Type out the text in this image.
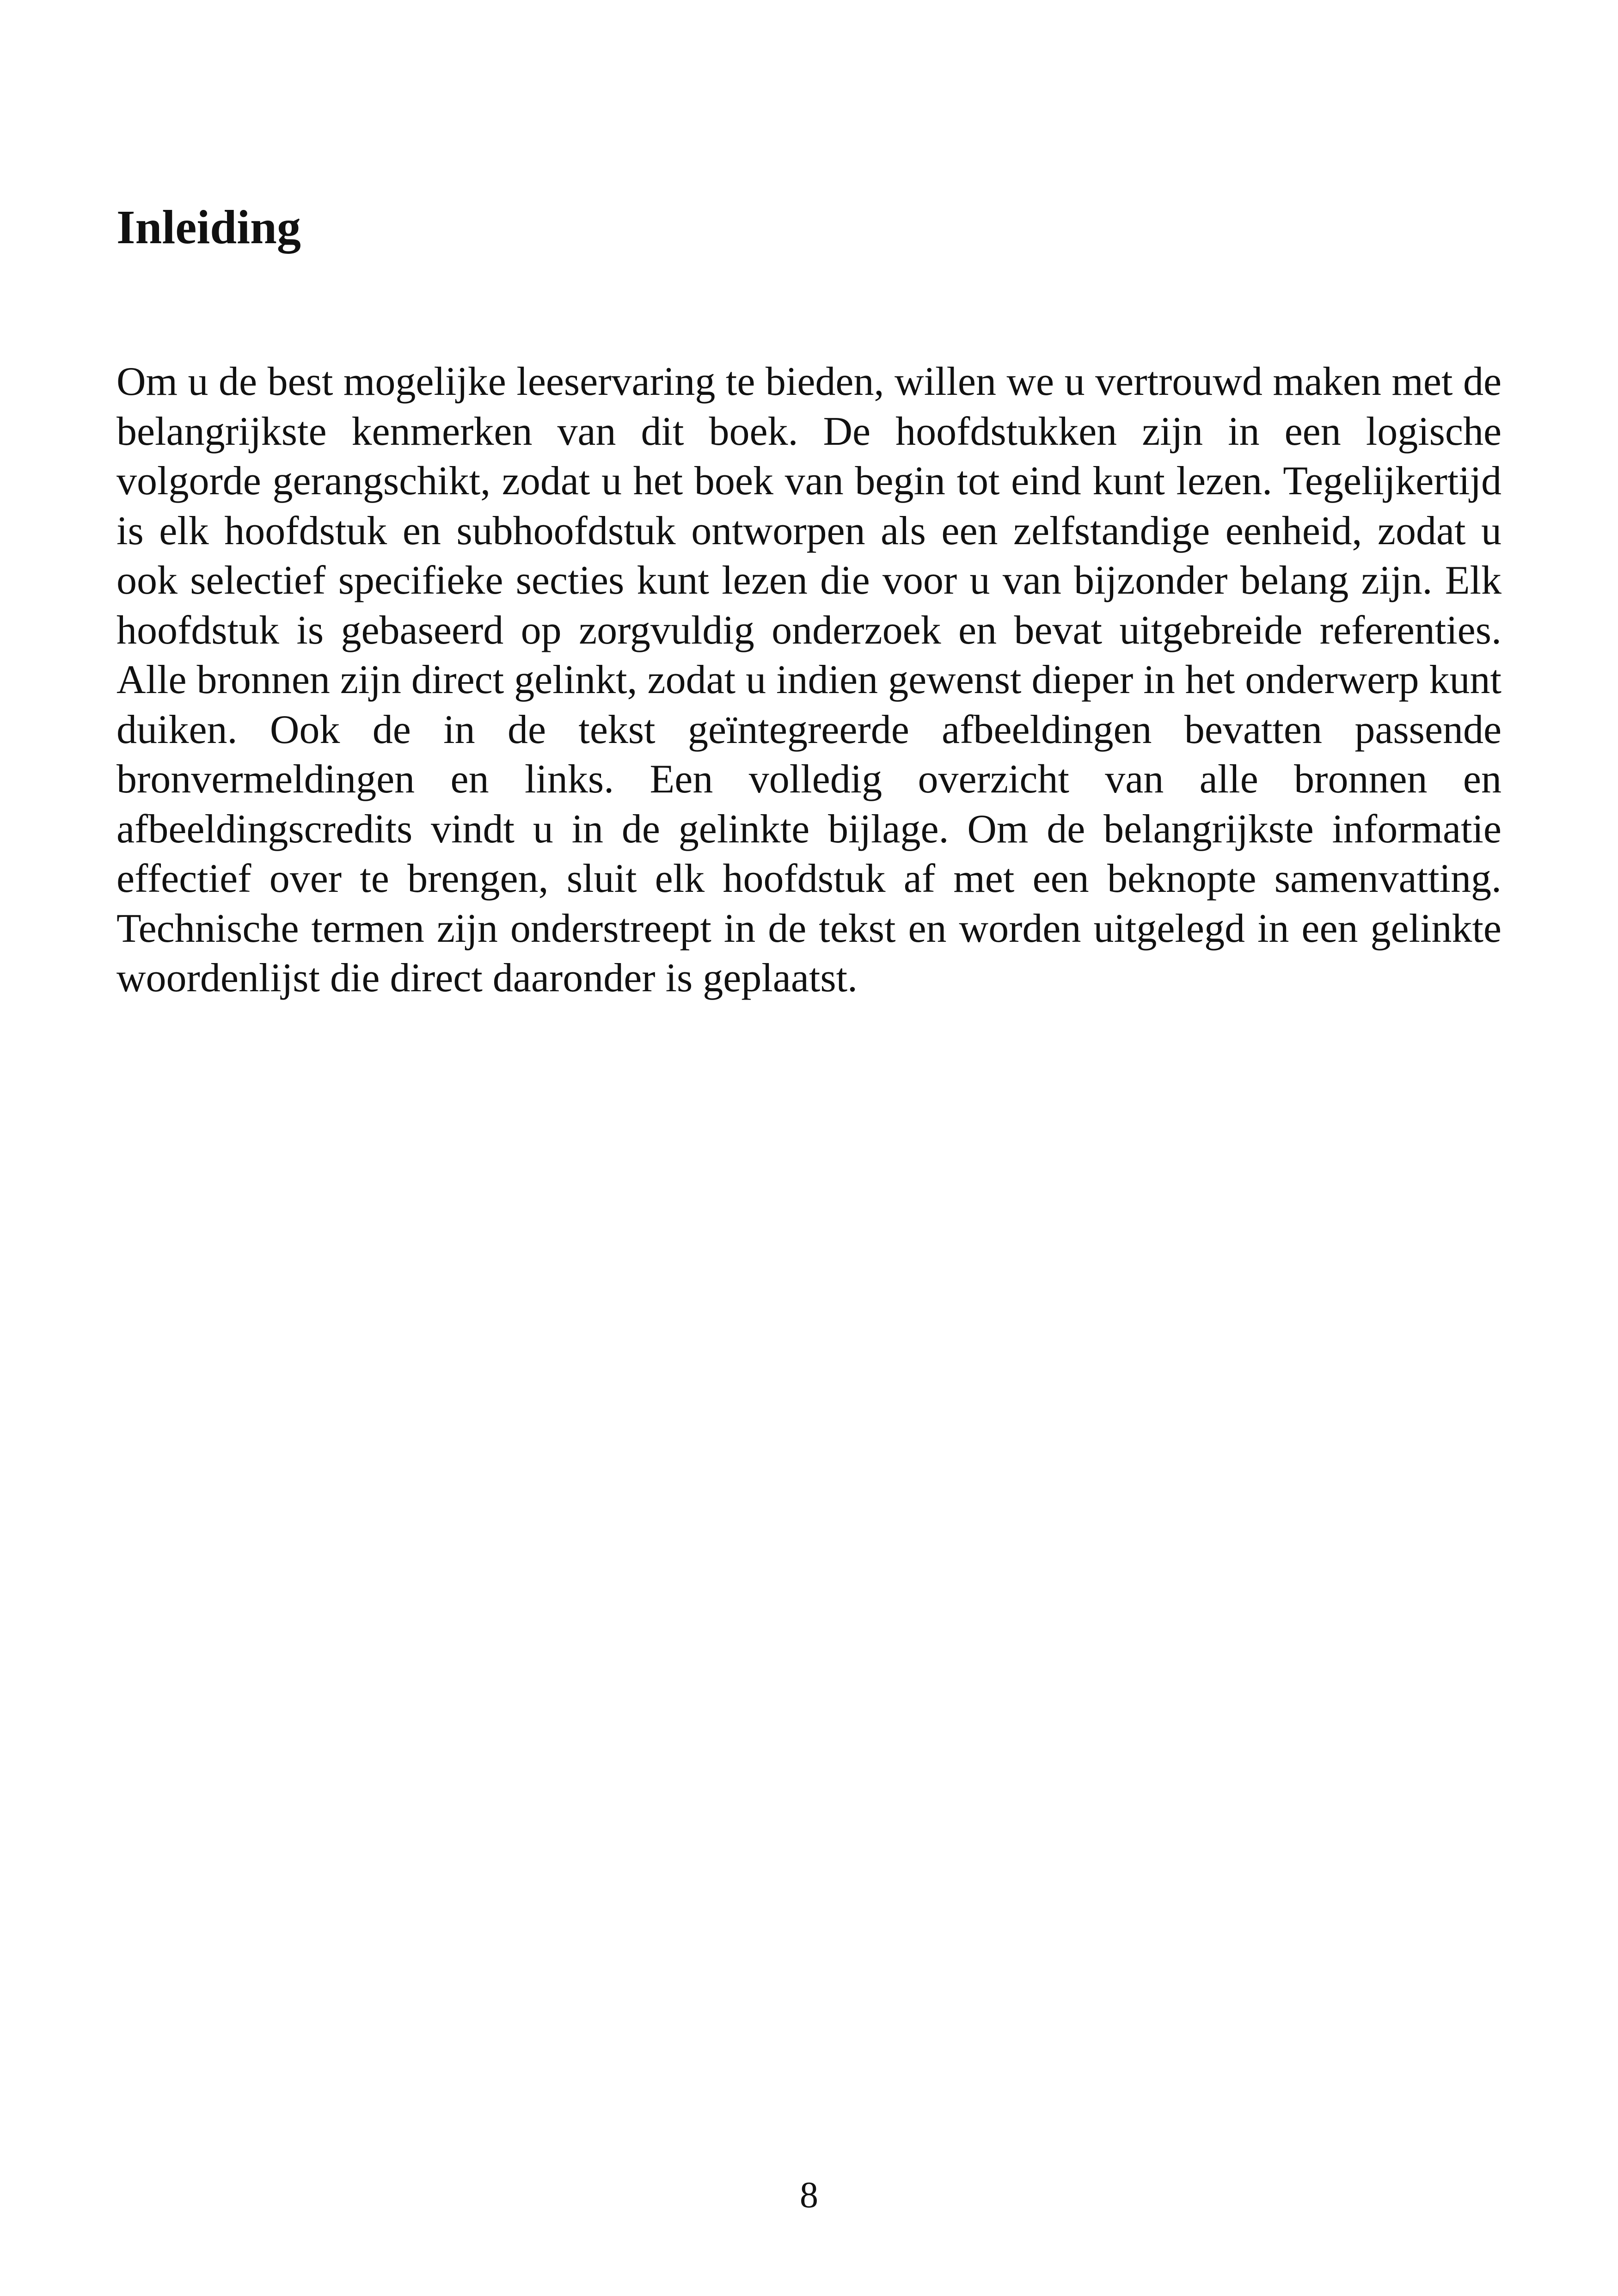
Inleiding

Om u de best mogelijke leeservaring te bieden, willen we u vertrouwd maken met de belangrijkste kenmerken van dit boek. De hoofdstukken zijn in een logische volgorde gerangschikt, zodat u het boek van begin tot eind kunt lezen. Tegelijkertijd is elk hoofdstuk en subhoofdstuk ontworpen als een zelfstandige eenheid, zodat u ook selectief specifieke secties kunt lezen die voor u van bijzonder belang zijn. Elk hoofdstuk is gebaseerd op zorgvuldig onderzoek en bevat uitgebreide referenties. Alle bronnen zijn direct gelinkt, zodat u indien gewenst dieper in het onderwerp kunt duiken. Ook de in de tekst geïntegreerde afbeeldingen bevatten passende bronvermeldingen en links. Een volledig overzicht van alle bronnen en afbeeldingscredits vindt u in de gelinkte bijlage. Om de belangrijkste informatie effectief over te brengen, sluit elk hoofdstuk af met een beknopte samenvatting. Technische termen zijn onderstreept in de tekst en worden uitgelegd in een gelinkte woordenlijst die direct daaronder is geplaatst.

8
